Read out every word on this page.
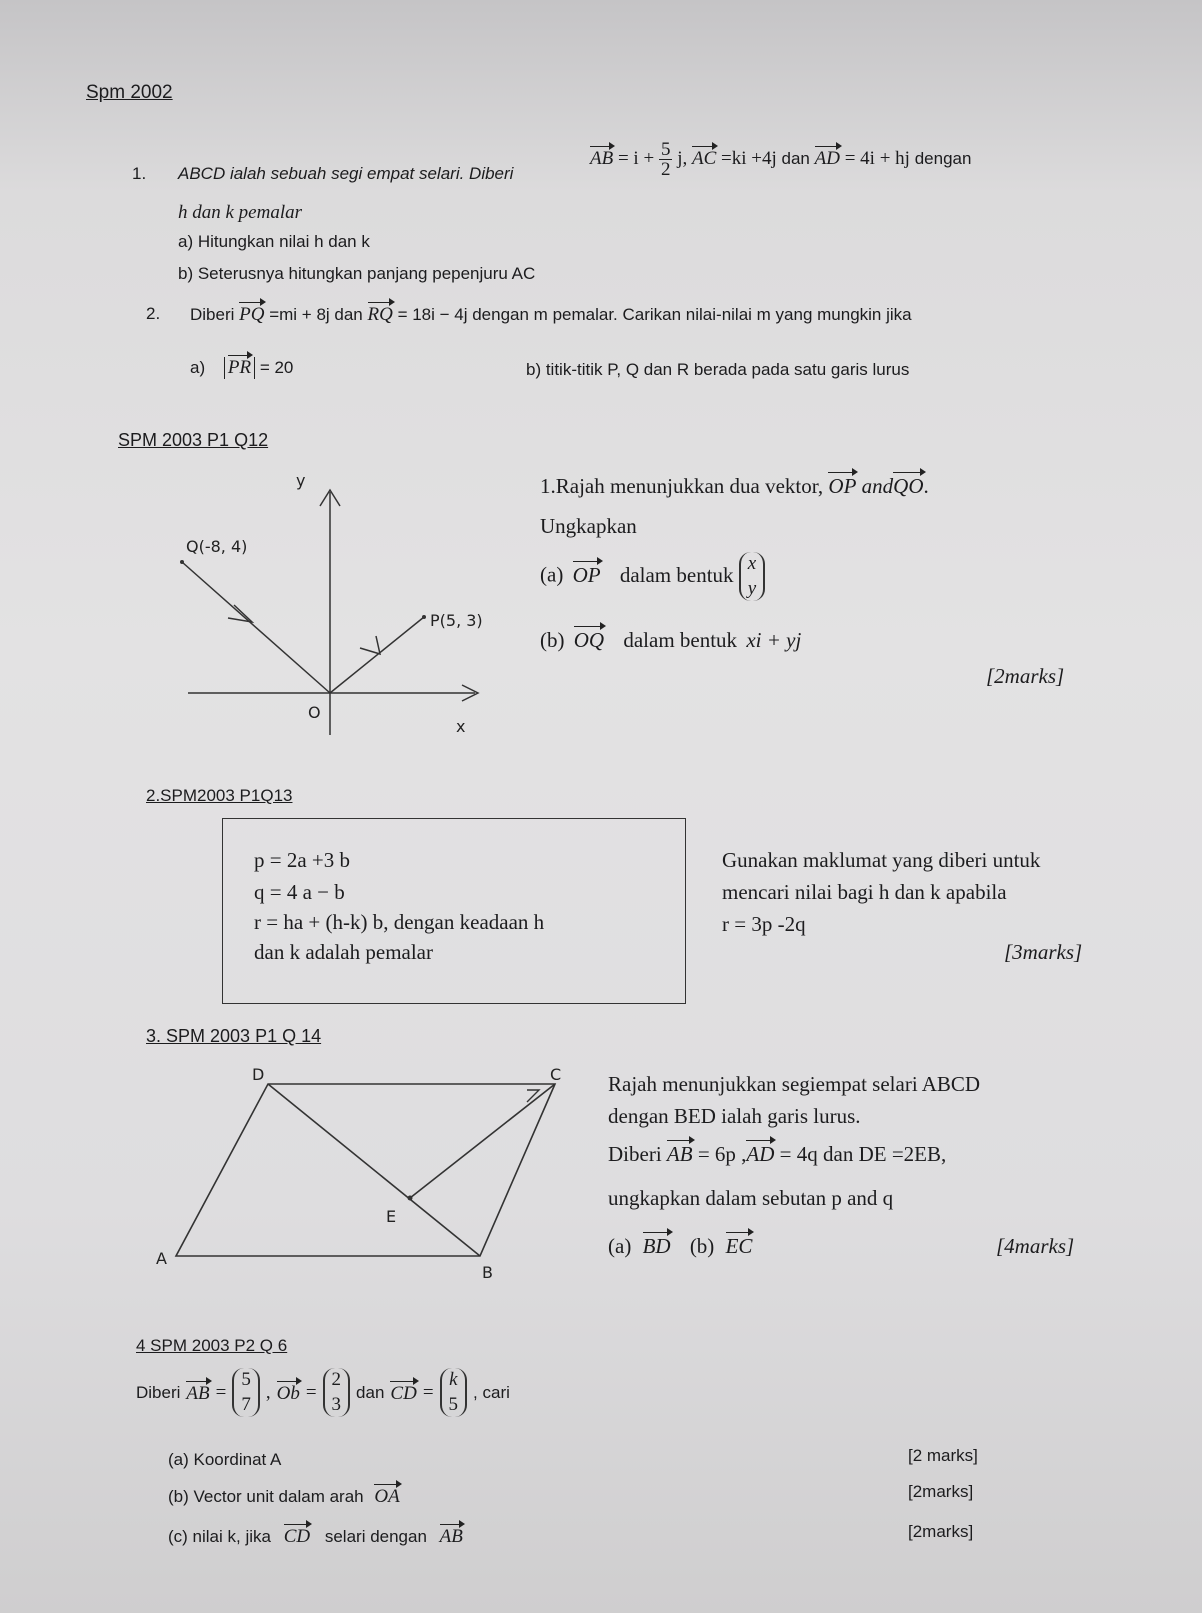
Spm 2002
1. ABCD ialah sebuah segi empat selari. Diberi
AB = $i + \frac{5}{2} j$, AC =ki +4j dan AD = 4i + hj dengan
h dan k pemalar
a) Hitungkan nilai h dan k
b) Seterusnya hitungkan panjang pepenjuru AC
2. Diberi PQ =mi + 8j dan RQ = 18i − 4j dengan m pemalar. Carikan nilai-nilai m yang mungkin jika
a) PR = 20	b) titik-titik P, Q dan R berada pada satu garis lurus
SPM 2003 P1 Q12
y
x
O
Q(-8, 4)
P(5, 3)
1.Rajah menunjukkan dua vektor, OP andQO.
Ungkapkan
(a) OP dalam bentuk x
y
(b) OQ dalam bentuk xi + yj
[2marks]
2.SPM2003 P1Q13
p = 2a +3 b
q = 4 a − b
r = ha + (h-k) b, dengan keadaan h
dan k adalah pemalar
Gunakan maklumat yang diberi untuk
mencari nilai bagi h dan k apabila
r = 3p -2q
[3marks]
3. SPM 2003 P1 Q 14
D	C
A
B
E
Rajah menunjukkan segiempat selari ABCD
dengan BED ialah garis lurus.
Diberi AB = 6p ,AD = 4q dan DE =2EB,
ungkapkan dalam sebutan p and q
(a) BD (b) EC	[4marks]
4 SPM 2003 P2 Q 6
Diberi AB =
5
7
, Ob =
2
3
dan CD =
k
5
, cari
(a) Koordinat A	[2 marks]
(b) Vector unit dalam arah OA	[2marks]
(c) nilai k, jika CD selari dengan AB	[2marks]
